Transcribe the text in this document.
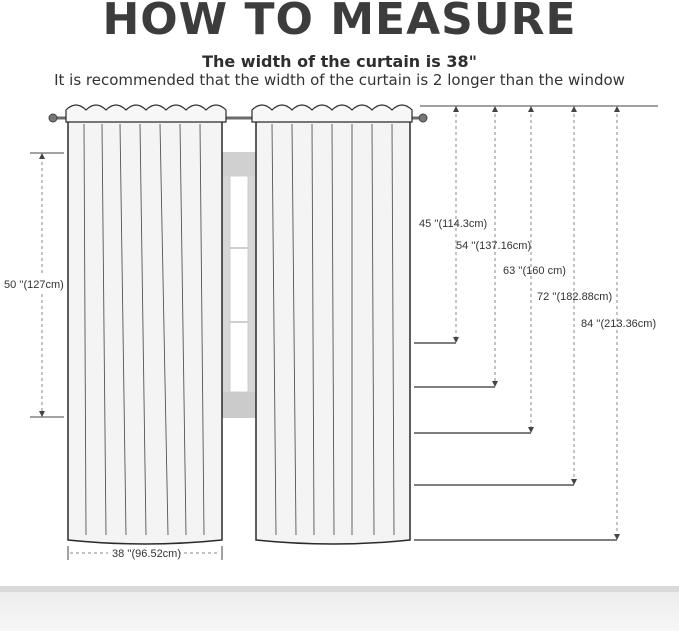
HOW TO MEASURE
The width of the curtain is 38"
It is recommended that the width of the curtain is 2 longer than the window
50 ''(127cm)
38 ''(96.52cm)
45 ''(114.3cm)
54 ''(137.16cm)
63 ''(160 cm)
72 ''(182.88cm)
84 ''(213.36cm)
